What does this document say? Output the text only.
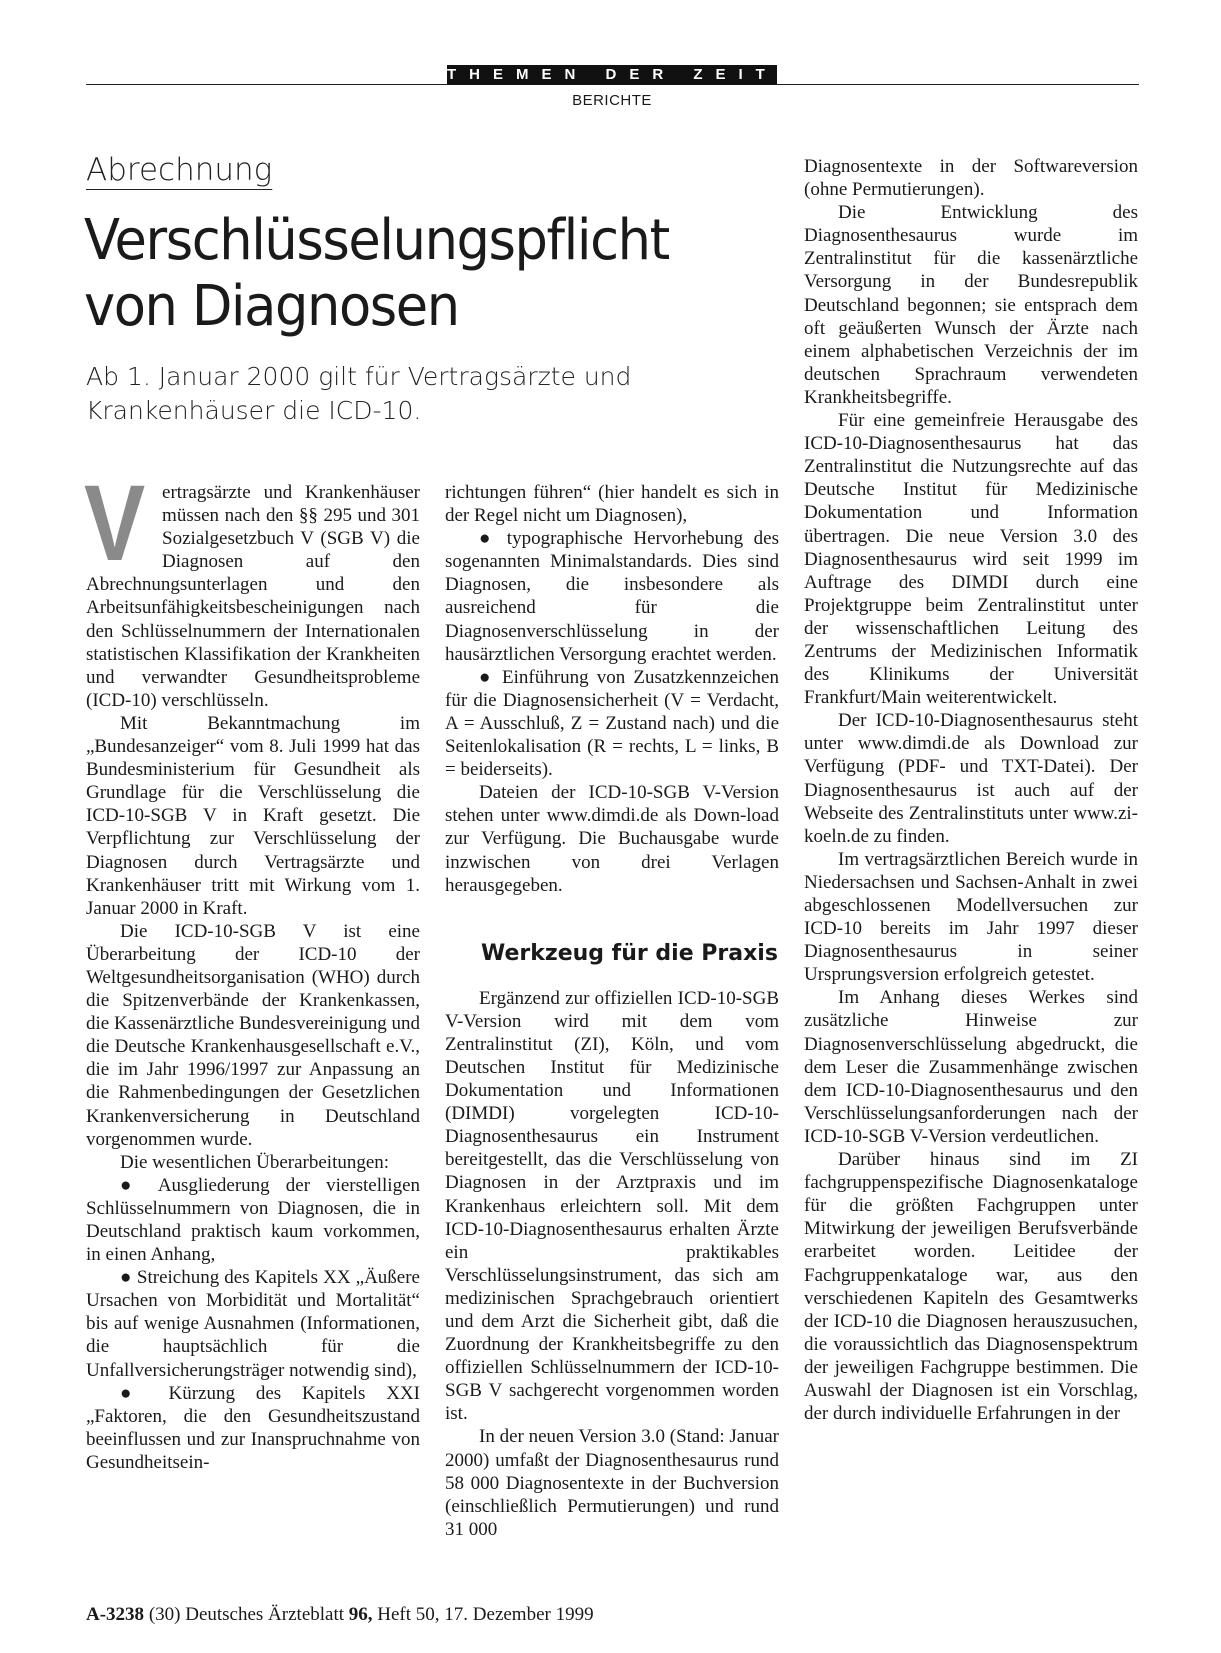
THEMEN DER ZEIT
BERICHTE
Abrechnung
Verschlüsselungspflicht
von Diagnosen
Ab 1. Januar 2000 gilt für Vertragsärzte und
Krankenhäuser die ICD-10.

Vertragsärzte und Krankenhäuser müssen nach den §§ 295 und 301 Sozialgesetzbuch V (SGB V) die Diagnosen auf den Abrechnungsunterlagen und den Arbeitsunfähigkeitsbescheinigungen nach den Schlüsselnummern der Internationalen statistischen Klassifikation der Krankheiten und verwandter Gesundheitsprobleme (ICD-10) verschlüsseln.

Mit Bekanntmachung im „Bundesanzeiger“ vom 8. Juli 1999 hat das Bundesministerium für Gesundheit als Grundlage für die Verschlüsselung die ICD-10-SGB V in Kraft gesetzt. Die Verpflichtung zur Verschlüsselung der Diagnosen durch Vertragsärzte und Krankenhäuser tritt mit Wirkung vom 1. Januar 2000 in Kraft.

Die ICD-10-SGB V ist eine Überarbeitung der ICD-10 der Weltgesundheitsorganisation (WHO) durch die Spitzenverbände der Krankenkassen, die Kassenärztliche Bundesvereinigung und die Deutsche Krankenhausgesellschaft e.V., die im Jahr 1996/1997 zur Anpassung an die Rahmenbedingungen der Gesetzlichen Krankenversicherung in Deutschland vorgenommen wurde.

Die wesentlichen Überarbeitungen:

● Ausgliederung der vierstelligen Schlüsselnummern von Diagnosen, die in Deutschland praktisch kaum vorkommen, in einen Anhang,

● Streichung des Kapitels XX „Äußere Ursachen von Morbidität und Mortalität“ bis auf wenige Ausnahmen (Informationen, die hauptsächlich für die Unfallversicherungsträger notwendig sind),

● Kürzung des Kapitels XXI „Faktoren, die den Gesundheitszustand beeinflussen und zur Inanspruchnahme von Gesundheitsein-

richtungen führen“ (hier handelt es sich in der Regel nicht um Diagnosen),

● typographische Hervorhebung des sogenannten Minimalstandards. Dies sind Diagnosen, die insbesondere als ausreichend für die Diagnosenverschlüsselung in der hausärztlichen Versorgung erachtet werden.

● Einführung von Zusatzkennzeichen für die Diagnosensicherheit (V = Verdacht, A = Ausschluß, Z = Zustand nach) und die Seitenlokalisation (R = rechts, L = links, B = beiderseits).

Dateien der ICD-10-SGB V-Version stehen unter www.dimdi.de als Down-load zur Verfügung. Die Buchausgabe wurde inzwischen von drei Verlagen herausgegeben.

Werkzeug für die Praxis

Ergänzend zur offiziellen ICD-10-SGB V-Version wird mit dem vom Zentralinstitut (ZI), Köln, und vom Deutschen Institut für Medizinische Dokumentation und Informationen (DIMDI) vorgelegten ICD-10-Diagnosenthesaurus ein Instrument bereitgestellt, das die Verschlüsselung von Diagnosen in der Arztpraxis und im Krankenhaus erleichtern soll. Mit dem ICD-10-Diagnosenthesaurus erhalten Ärzte ein praktikables Verschlüsselungsinstrument, das sich am medizinischen Sprachgebrauch orientiert und dem Arzt die Sicherheit gibt, daß die Zuordnung der Krankheitsbegriffe zu den offiziellen Schlüsselnummern der ICD-10-SGB V sachgerecht vorgenommen worden ist.

In der neuen Version 3.0 (Stand: Januar 2000) umfaßt der Diagnosenthesaurus rund 58 000 Diagnosentexte in der Buchversion (einschließlich Permutierungen) und rund 31 000

Diagnosentexte in der Softwareversion (ohne Permutierungen).

Die Entwicklung des Diagnosenthesaurus wurde im Zentralinstitut für die kassenärztliche Versorgung in der Bundesrepublik Deutschland begonnen; sie entsprach dem oft geäußerten Wunsch der Ärzte nach einem alphabetischen Verzeichnis der im deutschen Sprachraum verwendeten Krankheitsbegriffe.

Für eine gemeinfreie Herausgabe des ICD-10-Diagnosenthesaurus hat das Zentralinstitut die Nutzungsrechte auf das Deutsche Institut für Medizinische Dokumentation und Information übertragen. Die neue Version 3.0 des Diagnosenthesaurus wird seit 1999 im Auftrage des DIMDI durch eine Projektgruppe beim Zentralinstitut unter der wissenschaftlichen Leitung des Zentrums der Medizinischen Informatik des Klinikums der Universität Frankfurt/Main weiterentwickelt.

Der ICD-10-Diagnosenthesaurus steht unter www.dimdi.de als Download zur Verfügung (PDF- und TXT-Datei). Der Diagnosenthesaurus ist auch auf der Webseite des Zentralinstituts unter www.zi-koeln.de zu finden.

Im vertragsärztlichen Bereich wurde in Niedersachsen und Sachsen-Anhalt in zwei abgeschlossenen Modellversuchen zur ICD-10 bereits im Jahr 1997 dieser Diagnosenthesaurus in seiner Ursprungsversion erfolgreich getestet.

Im Anhang dieses Werkes sind zusätzliche Hinweise zur Diagnosenverschlüsselung abgedruckt, die dem Leser die Zusammenhänge zwischen dem ICD-10-Diagnosenthesaurus und den Verschlüsselungsanforderungen nach der ICD-10-SGB V-Version verdeutlichen.

Darüber hinaus sind im ZI fachgruppenspezifische Diagnosenkataloge für die größten Fachgruppen unter Mitwirkung der jeweiligen Berufsverbände erarbeitet worden. Leitidee der Fachgruppenkataloge war, aus den verschiedenen Kapiteln des Gesamtwerks der ICD-10 die Diagnosen herauszusuchen, die voraussichtlich das Diagnosenspektrum der jeweiligen Fachgruppe bestimmen. Die Auswahl der Diagnosen ist ein Vorschlag, der durch individuelle Erfahrungen in der

A-3238 (30) Deutsches Ärzteblatt 96, Heft 50, 17. Dezember 1999
